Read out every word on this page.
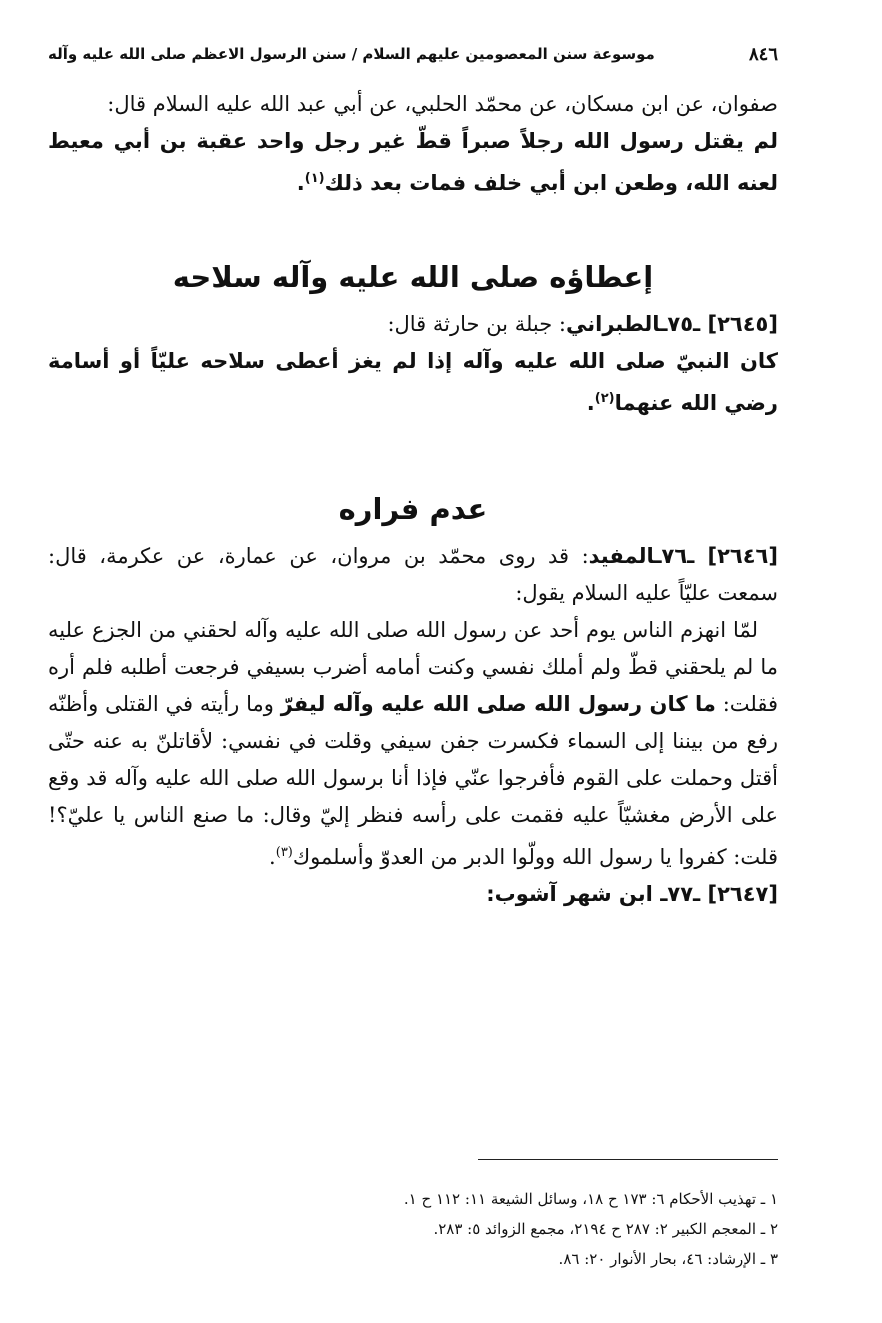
٨٤٦
موسوعة سنن المعصومين عليهم السلام / سنن الرسول الاعظم صلى الله عليه وآله

صفوان، عن ابن مسكان، عن محمّد الحلبي، عن أبي عبد الله عليه السلام قال:

لم يقتل رسول الله رجلاً صبراً قطّ غير رجل واحد عقبة بن أبي معيط لعنه الله، وطعن ابن أبي خلف فمات بعد ذلك$^{(١)}$.

إعطاؤه صلى الله عليه وآله سلاحه

[٢٦٤٥] ـ٧٥ـالطبراني: جبلة بن حارثة قال:

كان النبيّ صلى الله عليه وآله إذا لم يغز أعطى سلاحه عليّاً أو أسامة رضي الله عنهما$^{(٢)}$.

عدم فراره

[٢٦٤٦] ـ٧٦ـالمفيد: قد روى محمّد بن مروان، عن عمارة، عن عكرمة، قال: سمعت عليّاً عليه السلام يقول:

لمّا انهزم الناس يوم أحد عن رسول الله صلى الله عليه وآله لحقني من الجزع عليه ما لم يلحقني قطّ ولم أملك نفسي وكنت أمامه أضرب بسيفي فرجعت أطلبه فلم أره فقلت: ما كان رسول الله صلى الله عليه وآله ليفرّ وما رأيته في القتلى وأظنّه رفع من بيننا إلى السماء فكسرت جفن سيفي وقلت في نفسي: لأقاتلنّ به عنه حتّى أقتل وحملت على القوم فأفرجوا عنّي فإذا أنا برسول الله صلى الله عليه وآله قد وقع على الأرض مغشيّاً عليه فقمت على رأسه فنظر إليّ وقال: ما صنع الناس يا عليّ؟! قلت: كفروا يا رسول الله وولّوا الدبر من العدوّ وأسلموك$^{(٣)}$.

[٢٦٤٧] ـ٧٧ـ ابن شهر آشوب:

١ ـ تهذيب الأحكام ٦: ١٧٣ ح ١٨، وسائل الشيعة ١١: ١١٢ ح ١.
٢ ـ المعجم الكبير ٢: ٢٨٧ ح ٢١٩٤، مجمع الزوائد ٥: ٢٨٣.
٣ ـ الإرشاد: ٤٦، بحار الأنوار ٢٠: ٨٦.
